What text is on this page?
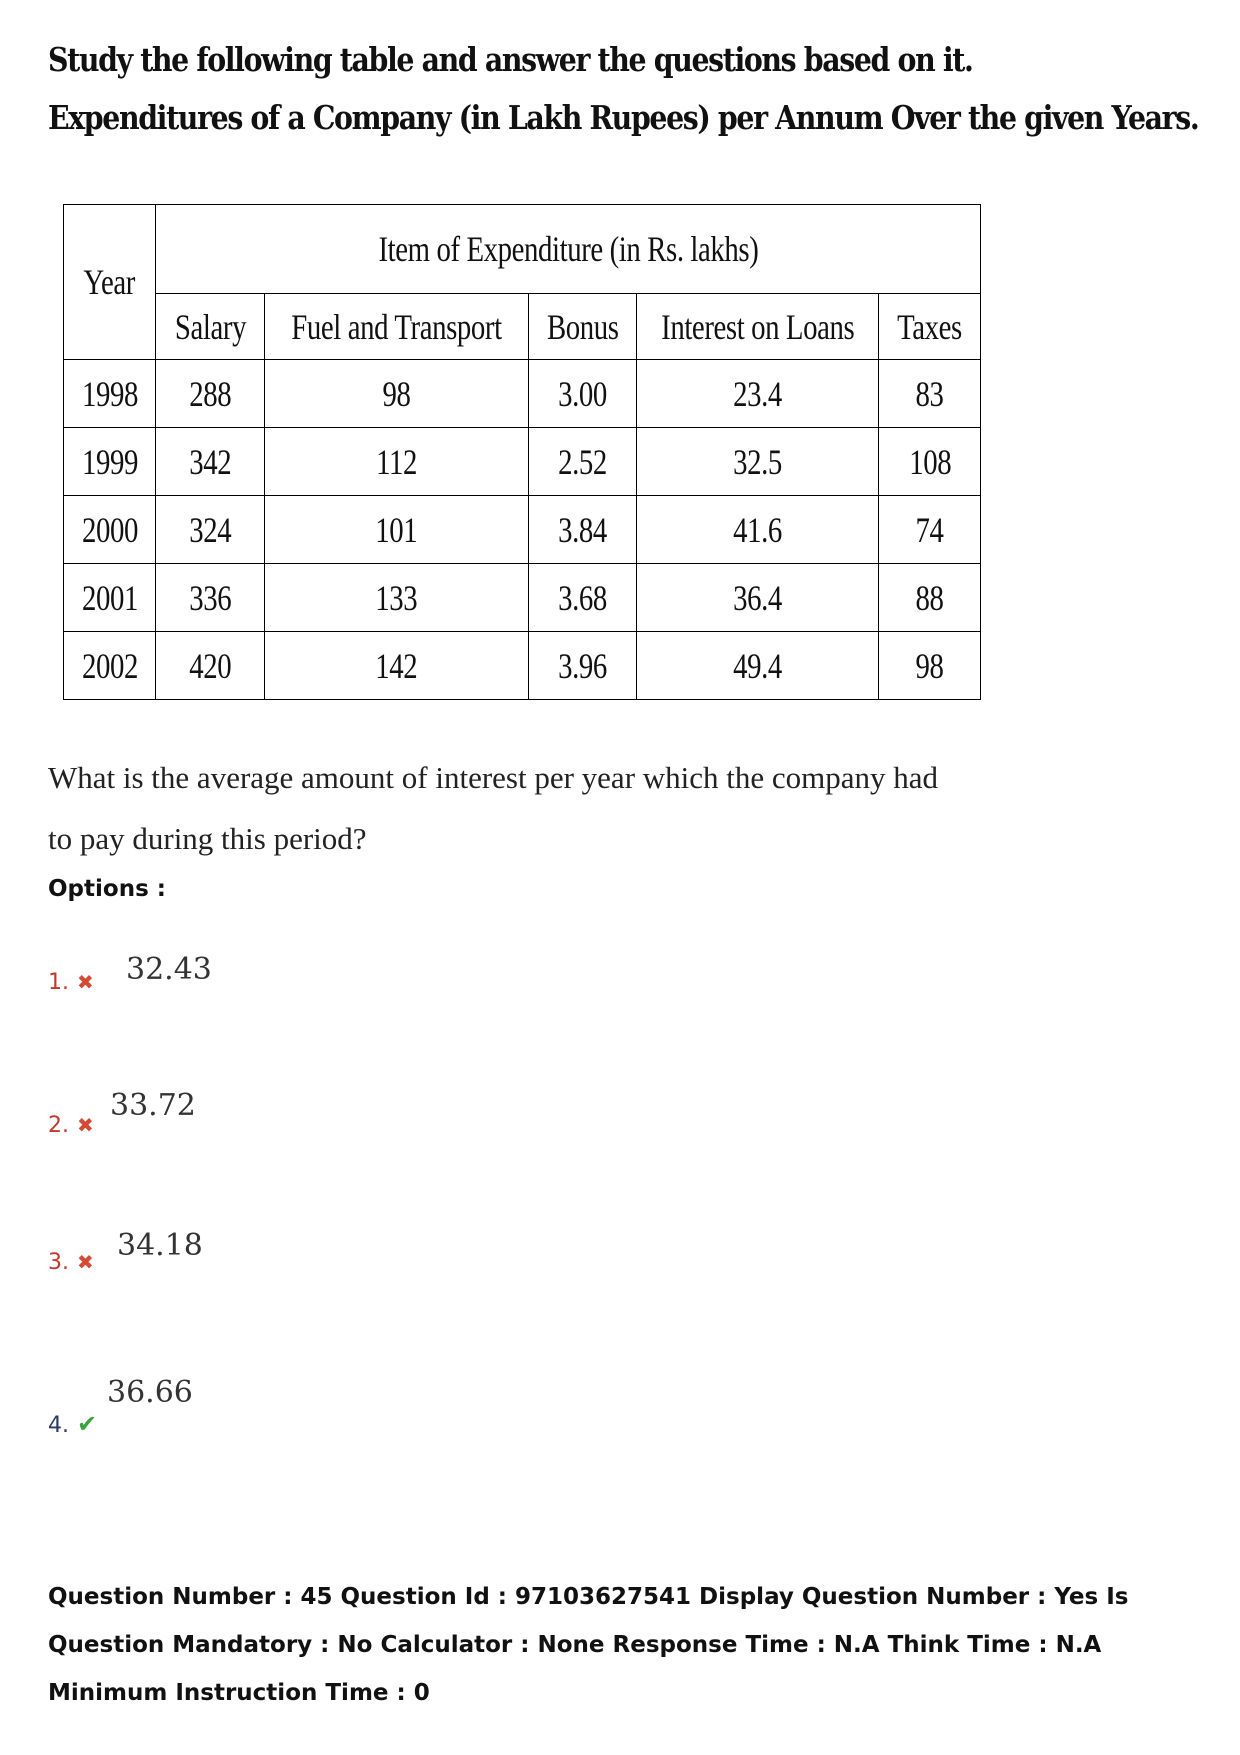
Study the following table and answer the questions based on it.
Expenditures of a Company (in Lakh Rupees) per Annum Over the given Years.
Year	Item of Expenditure (in Rs. lakhs)				
	Salary	Fuel and Transport	Bonus	Interest on Loans	Taxes
1998	288	98	3.00	23.4	83
1999	342	112	2.52	32.5	108
2000	324	101	3.84	41.6	74
2001	336	133	3.68	36.4	88
2002	420	142	3.96	49.4	98
What is the average amount of interest per year which the company had to pay during this period?
Options :
1. ✖ 32.43
2. ✖
33.72
3. ✖ 34.18
4. ✔
36.66
Question Number : 45 Question Id : 97103627541 Display Question Number : Yes Is Question Mandatory : No Calculator : None Response Time : N.A Think Time : N.A Minimum Instruction Time : 0
